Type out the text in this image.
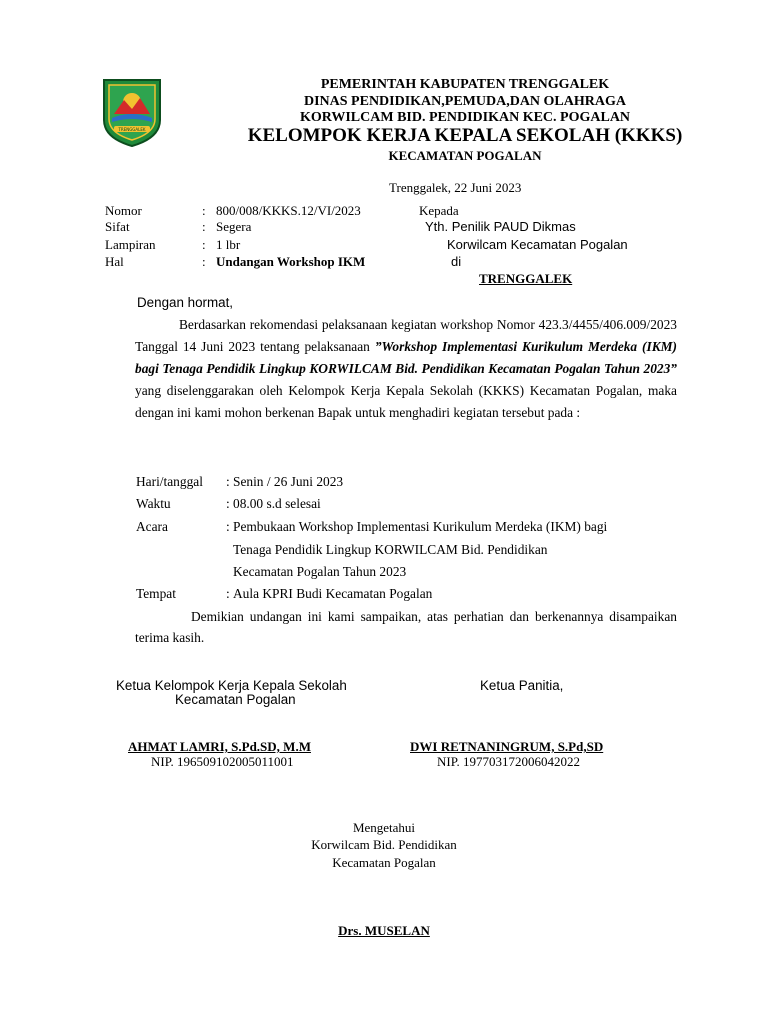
TRENGGALEK
PEMERINTAH KABUPATEN TRENGGALEK
DINAS PENDIDIKAN,PEMUDA,DAN OLAHRAGA
KORWILCAM BID. PENDIDIKAN KEC. POGALAN
KELOMPOK KERJA KEPALA SEKOLAH (KKKS)
KECAMATAN POGALAN
Trenggalek, 22 Juni 2023
Nomor	: 800/008/KKKS.12/VI/2023
Sifat	: Segera
Lampiran	: 1 lbr
Hal	: Undangan Workshop IKM
Kepada
Yth. Penilik PAUD Dikmas
Korwilcam Kecamatan Pogalan
di
TRENGGALEK
Dengan hormat,
Berdasarkan rekomendasi pelaksanaan kegiatan workshop Nomor 423.3/4455/406.009/2023 Tanggal 14 Juni 2023 tentang pelaksanaan ”Workshop Implementasi Kurikulum Merdeka (IKM) bagi Tenaga Pendidik Lingkup KORWILCAM Bid. Pendidikan Kecamatan Pogalan Tahun 2023” yang diselenggarakan oleh Kelompok Kerja Kepala Sekolah (KKKS) Kecamatan Pogalan, maka dengan ini kami mohon berkenan Bapak untuk menghadiri kegiatan tersebut pada :
Hari/tanggal : Senin / 26 Juni 2023
Waktu	: 08.00 s.d selesai
Acara	: Pembukaan Workshop Implementasi Kurikulum Merdeka (IKM) bagi
Tenaga Pendidik Lingkup KORWILCAM Bid. Pendidikan
Kecamatan Pogalan Tahun 2023
Tempat	: Aula KPRI Budi Kecamatan Pogalan
Demikian undangan ini kami sampaikan, atas perhatian dan berkenannya disampaikan terima kasih.
Ketua Kelompok Kerja Kepala Sekolah
Kecamatan Pogalan
Ketua Panitia,
AHMAT LAMRI, S.Pd.SD, M.M
NIP. 196509102005011001
DWI RETNANINGRUM, S.Pd,SD
NIP. 197703172006042022
Mengetahui
Korwilcam Bid. Pendidikan
Kecamatan Pogalan
Drs. MUSELAN
